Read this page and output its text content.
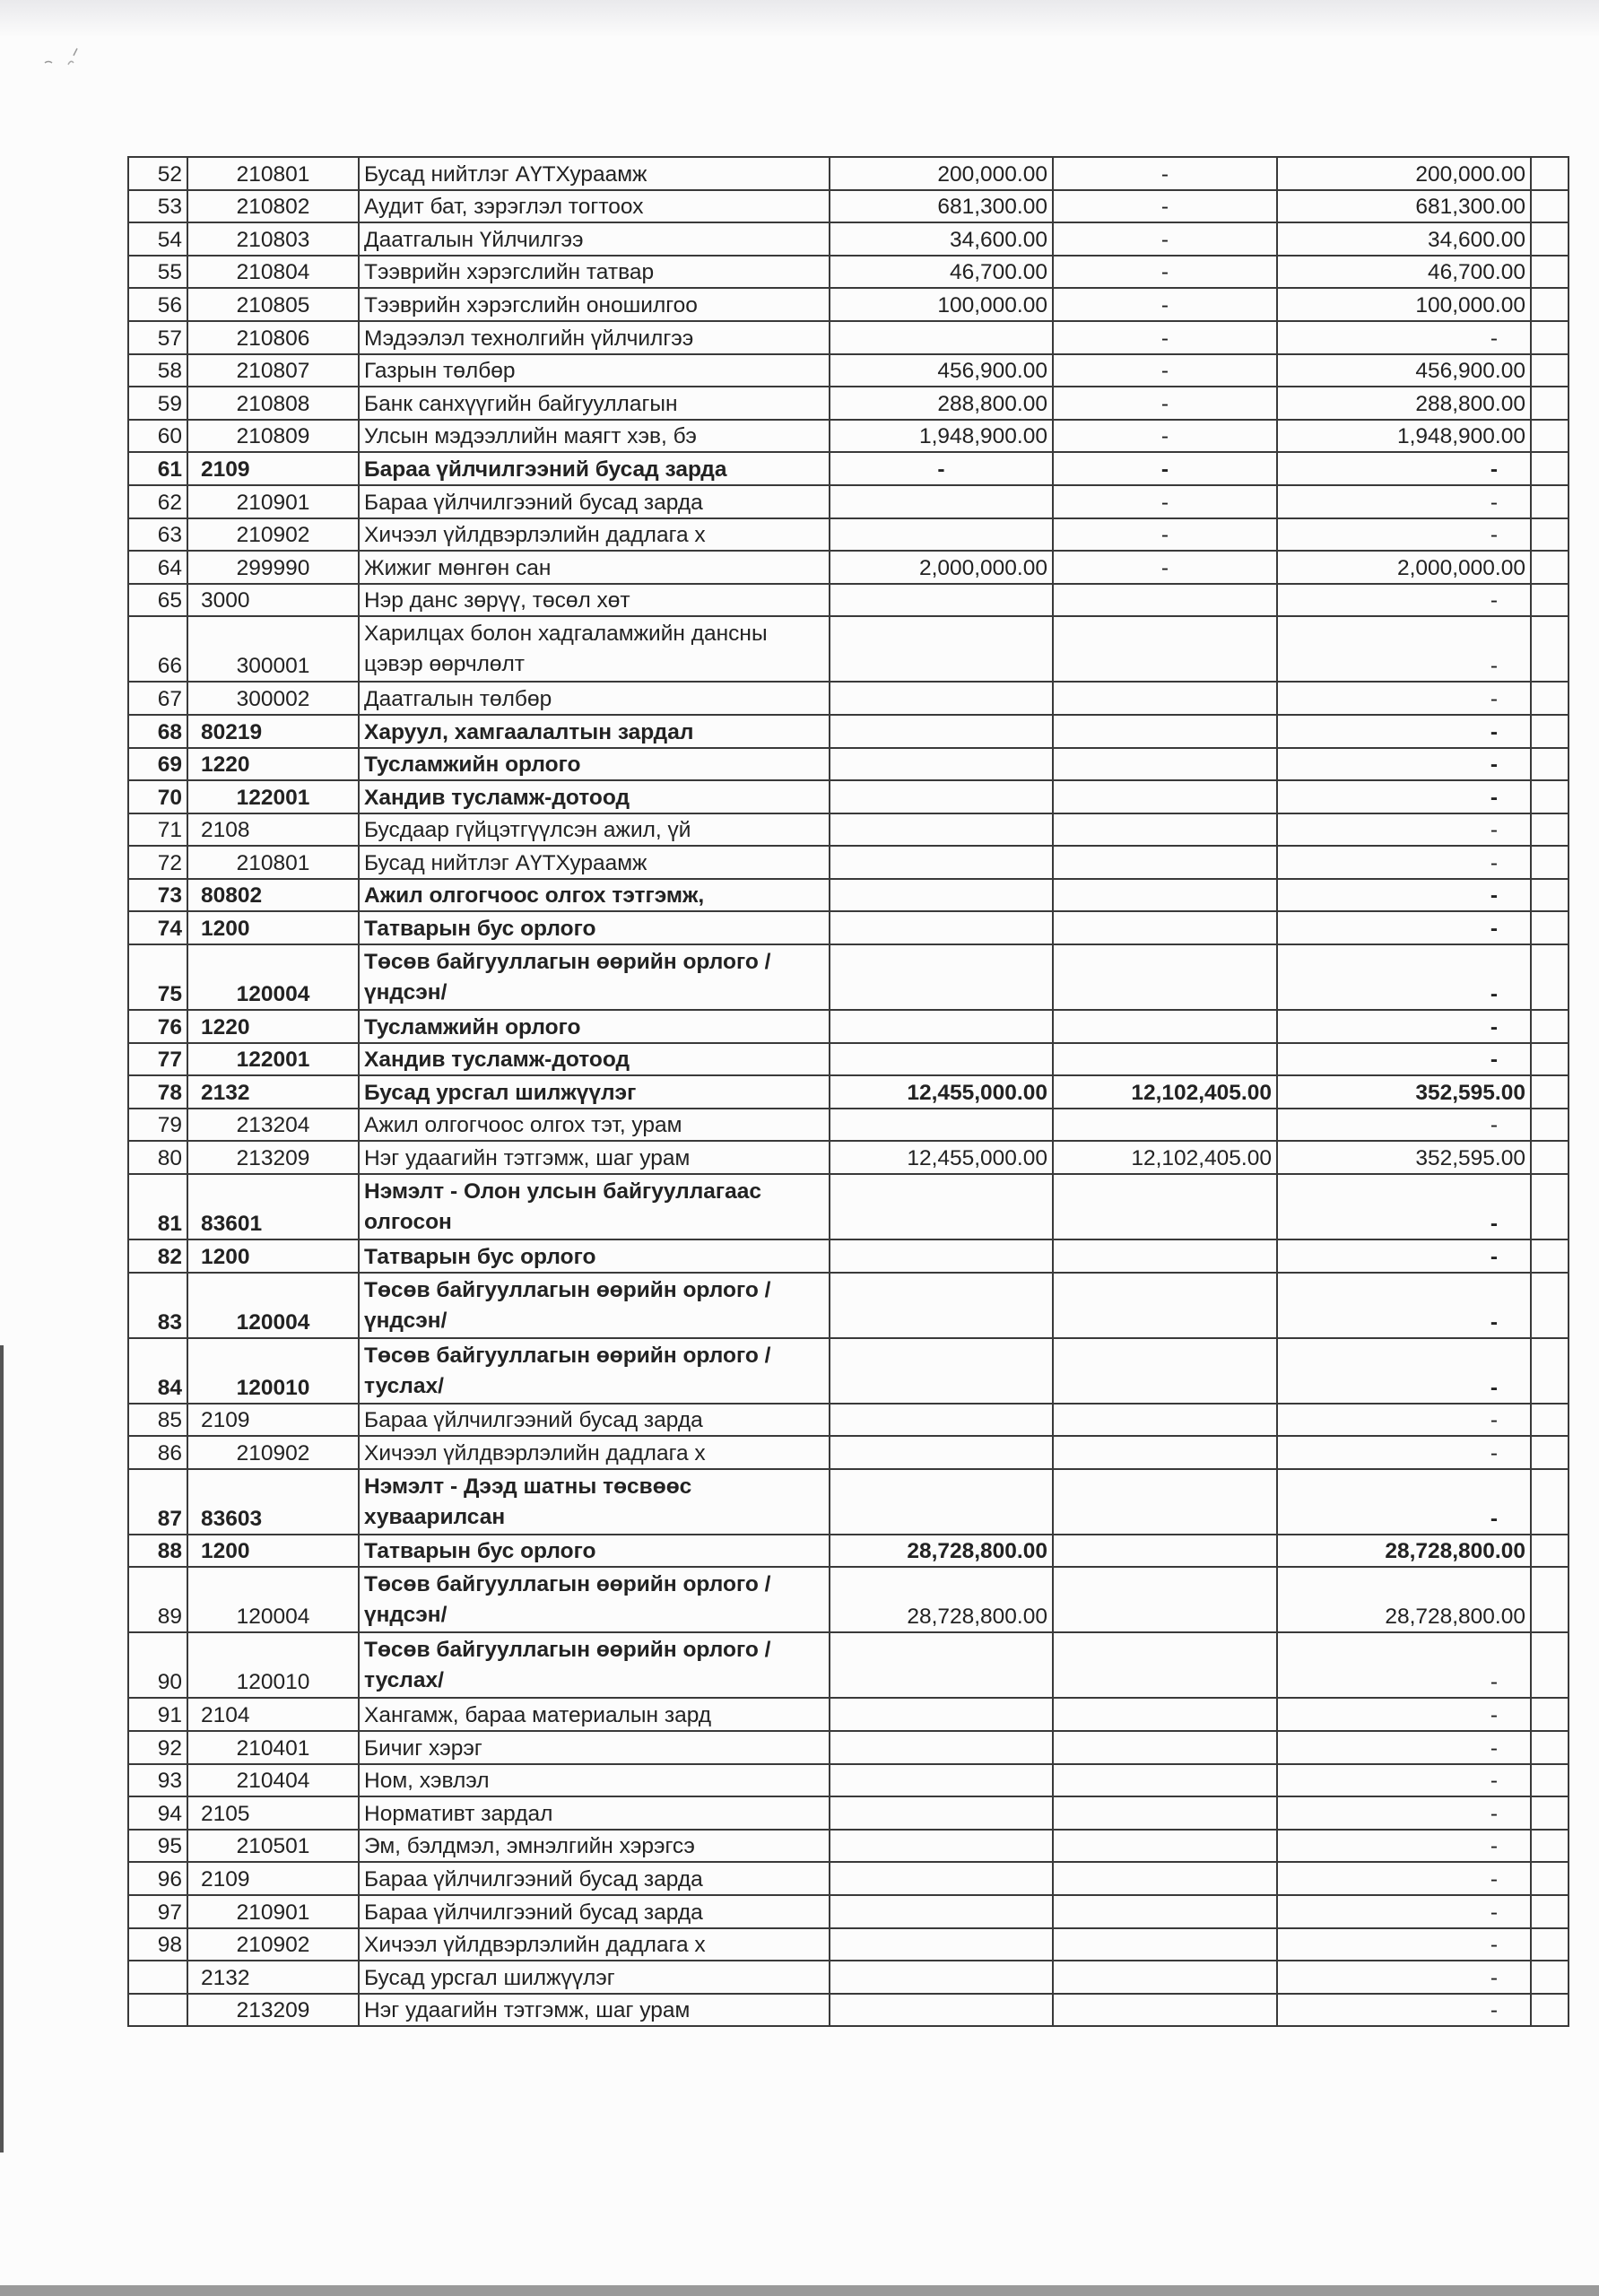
52	210801	Бусад нийтлэг АҮТХураамж	200,000.00	-	200,000.00	
53	210802	Аудит бат, зэрэглэл тогтоох	681,300.00	-	681,300.00	
54	210803	Даатгалын Үйлчилгээ	34,600.00	-	34,600.00	
55	210804	Тээврийн хэрэгслийн татвар	46,700.00	-	46,700.00	
56	210805	Тээврийн хэрэгслийн оношилгоо	100,000.00	-	100,000.00	
57	210806	Мэдээлэл технолгийн үйлчилгээ		-	-	
58	210807	Газрын төлбөр	456,900.00	-	456,900.00	
59	210808	Банк санхүүгийн байгууллагын	288,800.00	-	288,800.00	
60	210809	Улсын мэдээллийн маягт хэв, бэ	1,948,900.00	-	1,948,900.00	
61	2109	Бараа үйлчилгээний бусад зарда	-	-	-	
62	210901	Бараа үйлчилгээний бусад зарда		-	-	
63	210902	Хичээл үйлдвэрлэлийн дадлага х		-	-	
64	299990	Жижиг мөнгөн сан	2,000,000.00	-	2,000,000.00	
65	3000	Нэр данс зөрүү, төсөл хөт			-	
66	300001	Харилцах болон хадгаламжийн дансны цэвэр өөрчлөлт			-	
67	300002	Даатгалын төлбөр			-	
68	80219	Харуул, хамгаалалтын зардал			-	
69	1220	Тусламжийн орлого			-	
70	122001	Хандив тусламж-дотоод			-	
71	2108	Бусдаар гүйцэтгүүлсэн ажил, үй			-	
72	210801	Бусад нийтлэг АҮТХураамж			-	
73	80802	Ажил олгогчоос олгох тэтгэмж,			-	
74	1200	Татварын бус орлого			-	
75	120004	Төсөв байгууллагын өөрийн орлого /үндсэн/			-	
76	1220	Тусламжийн орлого			-	
77	122001	Хандив тусламж-дотоод			-	
78	2132	Бусад урсгал шилжүүлэг	12,455,000.00	12,102,405.00	352,595.00	
79	213204	Ажил олгогчоос олгох тэт, урам			-	
80	213209	Нэг удаагийн тэтгэмж, шаг урам	12,455,000.00	12,102,405.00	352,595.00	
81	83601	Нэмэлт - Олон улсын байгууллагаас олгосон			-	
82	1200	Татварын бус орлого			-	
83	120004	Төсөв байгууллагын өөрийн орлого /үндсэн/			-	
84	120010	Төсөв байгууллагын өөрийн орлого /туслах/			-	
85	2109	Бараа үйлчилгээний бусад зарда			-	
86	210902	Хичээл үйлдвэрлэлийн дадлага х			-	
87	83603	Нэмэлт - Дээд шатны төсвөөс хуваарилсан			-	
88	1200	Татварын бус орлого	28,728,800.00		28,728,800.00	
89	120004	Төсөв байгууллагын өөрийн орлого /үндсэн/	28,728,800.00		28,728,800.00	
90	120010	Төсөв байгууллагын өөрийн орлого /туслах/			-	
91	2104	Хангамж, бараа материалын зард			-	
92	210401	Бичиг хэрэг			-	
93	210404	Ном, хэвлэл			-	
94	2105	Нормативт зардал			-	
95	210501	Эм, бэлдмэл, эмнэлгийн хэрэгсэ			-	
96	2109	Бараа үйлчилгээний бусад зарда			-	
97	210901	Бараа үйлчилгээний бусад зарда			-	
98	210902	Хичээл үйлдвэрлэлийн дадлага х			-	
	2132	Бусад урсгал шилжүүлэг			-	
	213209	Нэг удаагийн тэтгэмж, шаг урам			-	
